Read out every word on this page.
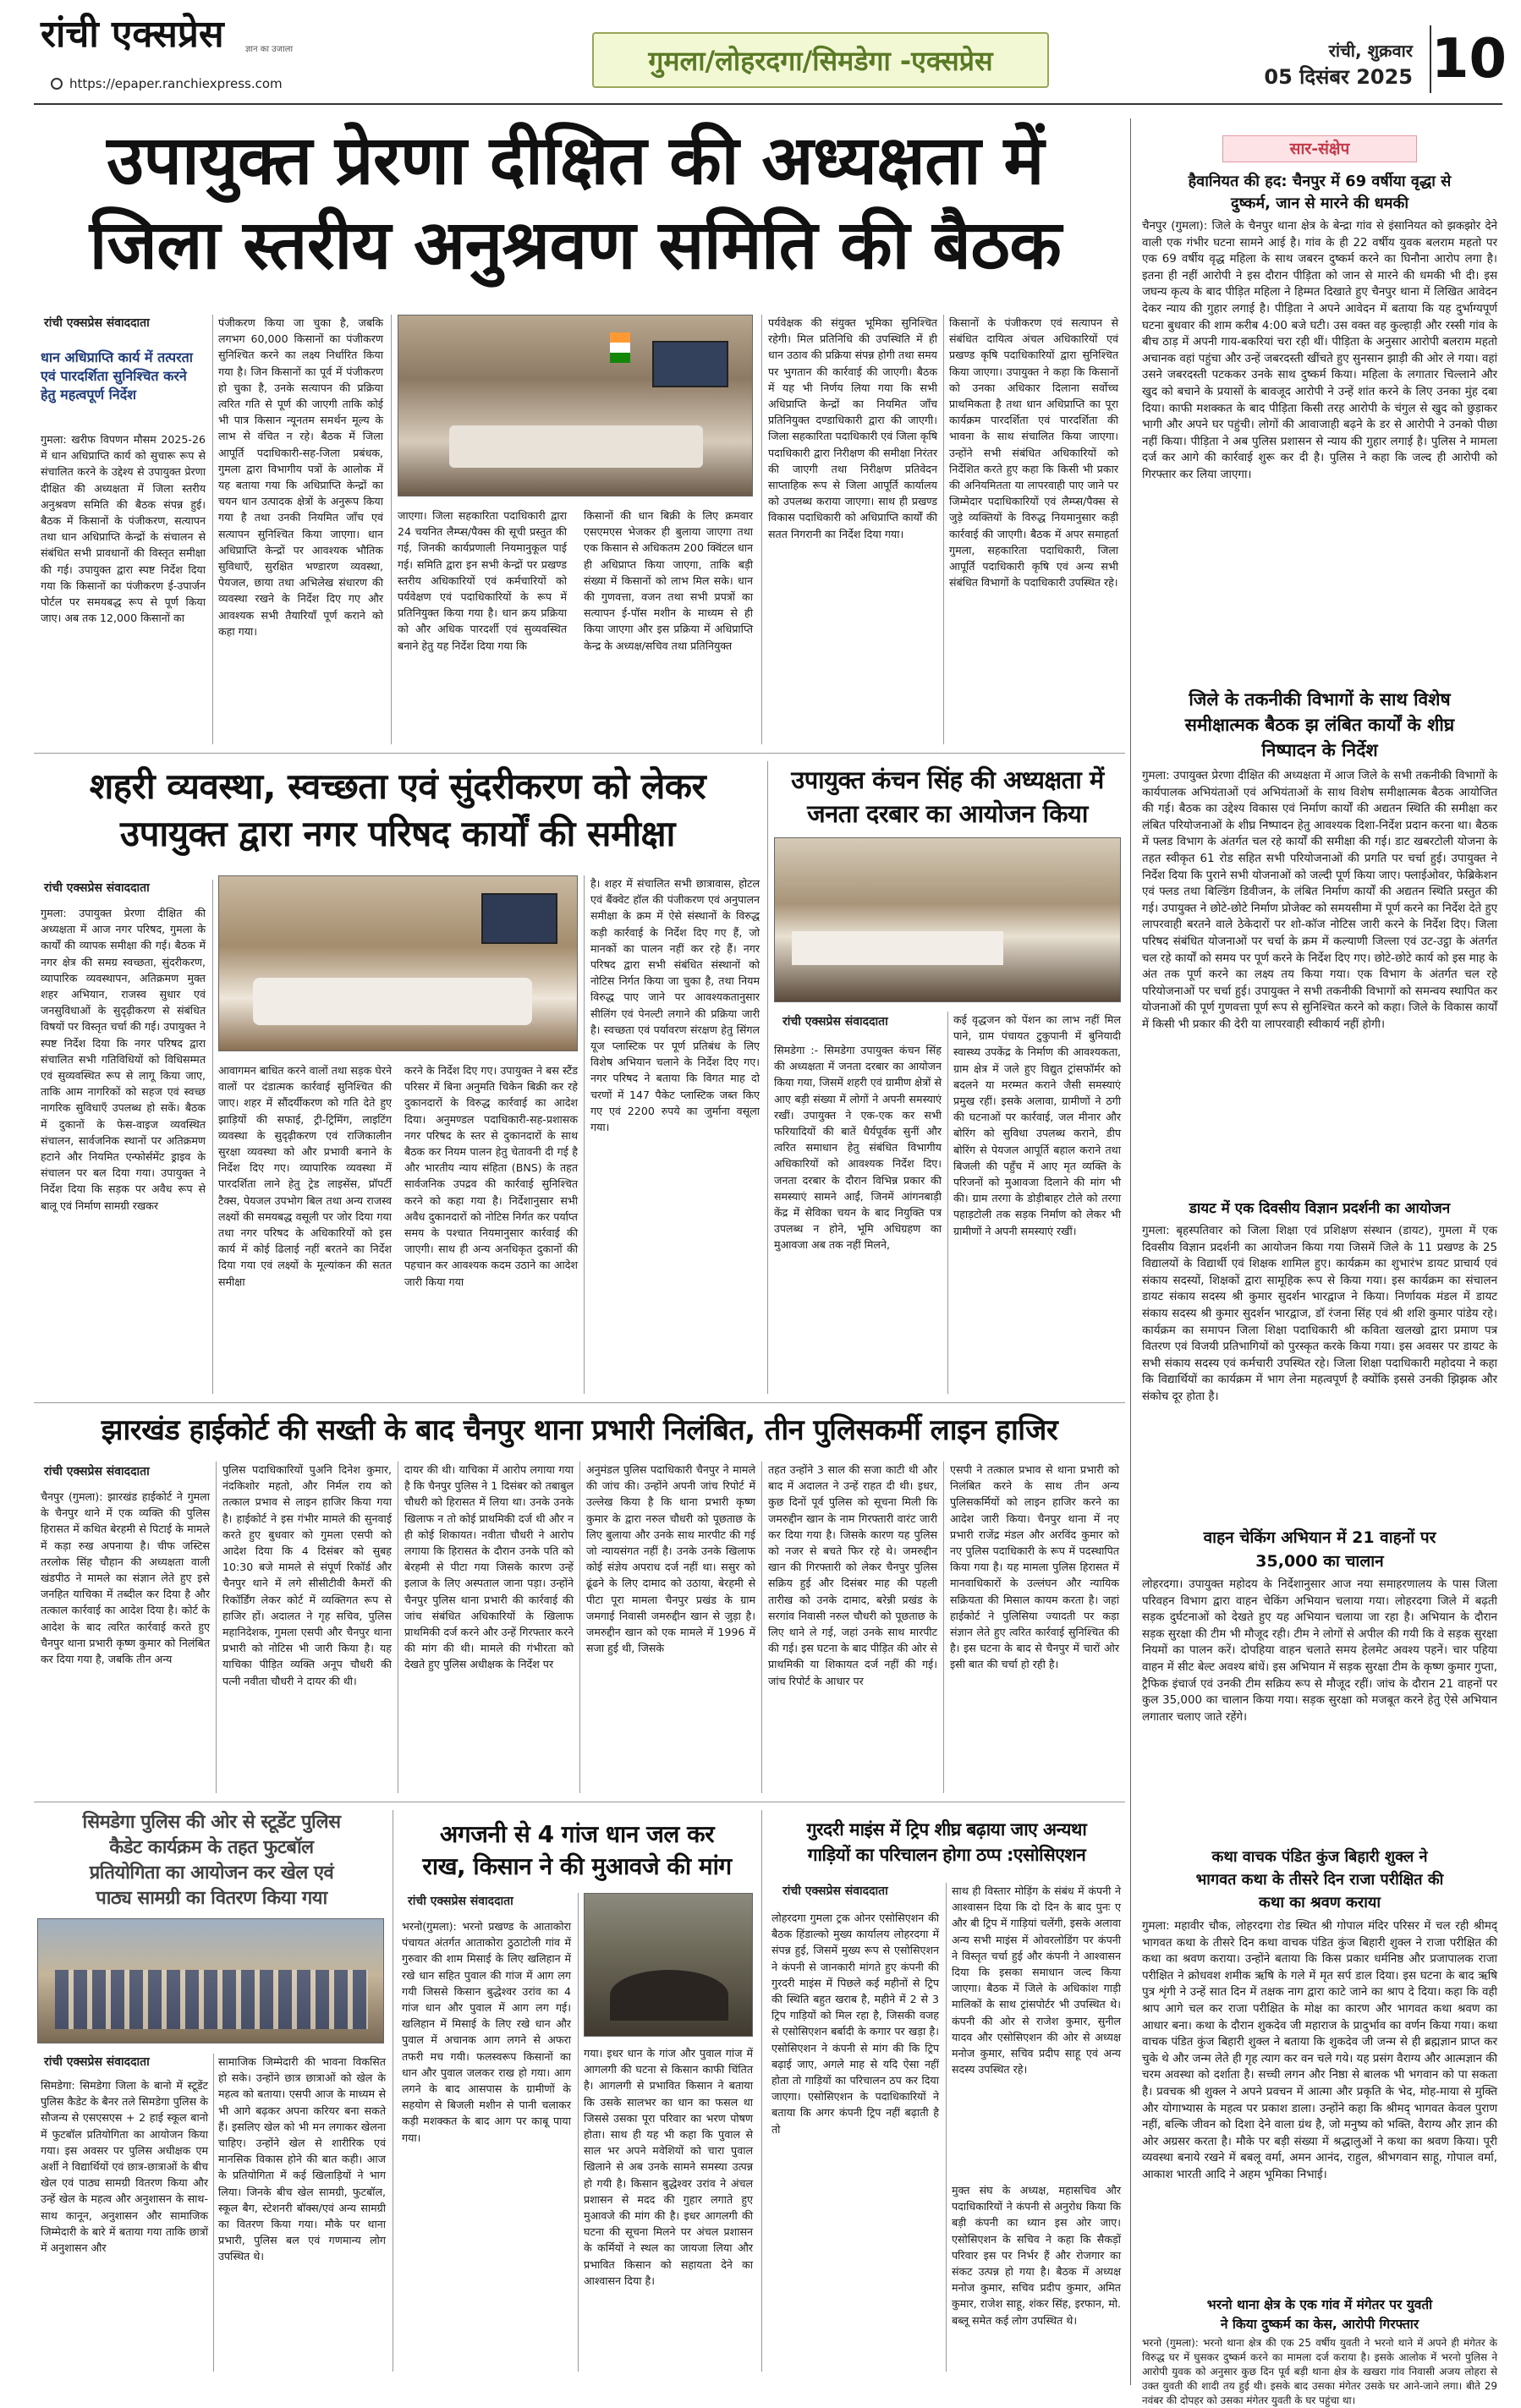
रांची एक्सप्रेस	ज्ञान का उजाला
https://epaper.ranchiexpress.com
गुमला/लोहरदगा/सिमडेगा -एक्सप्रेस	रांची, शुक्रवार
05 दिसंबर 2025 10
उपायुक्त प्रेरणा दीक्षित की अध्यक्षता में
जिला स्तरीय अनुश्रवण समिति की बैठक
रांची एक्सप्रेस संवाददाता
धान अधिप्राप्ति कार्य में तत्परता एवं पारदर्शिता सुनिश्चित करने हेतु महत्वपूर्ण निर्देश
गुमला: खरीफ विपणन मौसम 2025-26 में धान अधिप्राप्ति कार्य को सुचारू रूप से संचालित करने के उद्देश्य से उपायुक्त प्रेरणा दीक्षित की अध्यक्षता में जिला स्तरीय अनुश्रवण समिति की बैठक संपन्न हुई। बैठक में किसानों के पंजीकरण, सत्यापन तथा धान अधिप्राप्ति केन्द्रों के संचालन से संबंधित सभी प्रावधानों की विस्तृत समीक्षा की गई। उपायुक्त द्वारा स्पष्ट निर्देश दिया गया कि किसानों का पंजीकरण ई-उपार्जन पोर्टल पर समयबद्ध रूप से पूर्ण किया जाए। अब तक 12,000 किसानों का
पंजीकरण किया जा चुका है, जबकि लगभग 60,000 किसानों का पंजीकरण सुनिश्चित करने का लक्ष्य निर्धारित किया गया है। जिन किसानों का पूर्व में पंजीकरण हो चुका है, उनके सत्यापन की प्रक्रिया त्वरित गति से पूर्ण की जाएगी ताकि कोई भी पात्र किसान न्यूनतम समर्थन मूल्य के लाभ से वंचित न रहे। बैठक में जिला आपूर्ति पदाधिकारी-सह-जिला प्रबंधक, गुमला द्वारा विभागीय पत्रों के आलोक में यह बताया गया कि अधिप्राप्ति केन्द्रों का चयन धान उत्पादक क्षेत्रों के अनुरूप किया गया है तथा उनकी नियमित जाँच एवं सत्यापन सुनिश्चित किया जाएगा। धान अधिप्राप्ति केन्द्रों पर आवश्यक भौतिक सुविधाएँ, सुरक्षित भण्डारण व्यवस्था, पेयजल, छाया तथा अभिलेख संधारण की व्यवस्था रखने के निर्देश दिए गए और आवश्यक सभी तैयारियाँ पूर्ण कराने को कहा गया।
जाएगा। जिला सहकारिता पदाधिकारी द्वारा 24 चयनित लैम्प्स/पैक्स की सूची प्रस्तुत की गई, जिनकी कार्यप्रणाली नियमानुकूल पाई गई। समिति द्वारा इन सभी केन्द्रों पर प्रखण्ड स्तरीय अधिकारियों एवं कर्मचारियों को पर्यवेक्षण एवं पदाधिकारियों के रूप में प्रतिनियुक्त किया गया है। धान क्रय प्रक्रिया को और अधिक पारदर्शी एवं सुव्यवस्थित बनाने हेतु यह निर्देश दिया गया कि
किसानों की धान बिक्री के लिए क्रमवार एसएमएस भेजकर ही बुलाया जाएगा तथा एक किसान से अधिकतम 200 क्विंटल धान ही अधिप्राप्त किया जाएगा, ताकि बड़ी संख्या में किसानों को लाभ मिल सके। धान की गुणवत्ता, वजन तथा सभी प्रपत्रों का सत्यापन ई-पॉस मशीन के माध्यम से ही किया जाएगा और इस प्रक्रिया में अधिप्राप्ति केन्द्र के अध्यक्ष/सचिव तथा प्रतिनियुक्त
पर्यवेक्षक की संयुक्त भूमिका सुनिश्चित रहेगी। मिल प्रतिनिधि की उपस्थिति में ही धान उठाव की प्रक्रिया संपन्न होगी तथा समय पर भुगतान की कार्रवाई की जाएगी। बैठक में यह भी निर्णय लिया गया कि सभी अधिप्राप्ति केन्द्रों का नियमित जाँच प्रतिनियुक्त दण्डाधिकारी द्वारा की जाएगी। जिला सहकारिता पदाधिकारी एवं जिला कृषि पदाधिकारी द्वारा निरीक्षण की समीक्षा निरंतर की जाएगी तथा निरीक्षण प्रतिवेदन साप्ताहिक रूप से जिला आपूर्ति कार्यालय को उपलब्ध कराया जाएगा। साथ ही प्रखण्ड विकास पदाधिकारी को अधिप्राप्ति कार्यों की सतत निगरानी का निर्देश दिया गया।
किसानों के पंजीकरण एवं सत्यापन से संबंधित दायित्व अंचल अधिकारियों एवं प्रखण्ड कृषि पदाधिकारियों द्वारा सुनिश्चित किया जाएगा। उपायुक्त ने कहा कि किसानों को उनका अधिकार दिलाना सर्वोच्च प्राथमिकता है तथा धान अधिप्राप्ति का पूरा कार्यक्रम पारदर्शिता एवं पारदर्शिता की भावना के साथ संचालित किया जाएगा। उन्होंने सभी संबंधित अधिकारियों को निर्देशित करते हुए कहा कि किसी भी प्रकार की अनियमितता या लापरवाही पाए जाने पर जिम्मेदार पदाधिकारियों एवं लैम्प्स/पैक्स से जुड़े व्यक्तियों के विरुद्ध नियमानुसार कड़ी कार्रवाई की जाएगी। बैठक में अपर समाहर्ता गुमला, सहकारिता पदाधिकारी, जिला आपूर्ति पदाधिकारी कृषि एवं अन्य सभी संबंधित विभागों के पदाधिकारी उपस्थित रहे।
शहरी व्यवस्था, स्वच्छता एवं सुंदरीकरण को लेकर
उपायुक्त द्वारा नगर परिषद कार्यों की समीक्षा
रांची एक्सप्रेस संवाददाता
गुमला: उपायुक्त प्रेरणा दीक्षित की अध्यक्षता में आज नगर परिषद, गुमला के कार्यों की व्यापक समीक्षा की गई। बैठक में नगर क्षेत्र की समग्र स्वच्छता, सुंदरीकरण, व्यापारिक व्यवस्थापन, अतिक्रमण मुक्त शहर अभियान, राजस्व सुधार एवं जनसुविधाओं के सुदृढ़ीकरण से संबंधित विषयों पर विस्तृत चर्चा की गई। उपायुक्त ने स्पष्ट निर्देश दिया कि नगर परिषद द्वारा संचालित सभी गतिविधियों को विधिसम्मत एवं सुव्यवस्थित रूप से लागू किया जाए, ताकि आम नागरिकों को सहज एवं स्वच्छ नागरिक सुविधाएँ उपलब्ध हो सकें। बैठक में दुकानों के फेस-वाइज व्यवस्थित संचालन, सार्वजनिक स्थानों पर अतिक्रमण हटाने और नियमित एन्फोर्समेंट ड्राइव के संचालन पर बल दिया गया। उपायुक्त ने निर्देश दिया कि सड़क पर अवैध रूप से बालू एवं निर्माण सामग्री रखकर
आवागमन बाधित करने वालों तथा सड़क घेरने वालों पर दंडात्मक कार्रवाई सुनिश्चित की जाए। शहर में सौंदर्यीकरण को गति देते हुए झाड़ियों की सफाई, ट्री-ट्रिमिंग, लाइटिंग व्यवस्था के सुदृढ़ीकरण एवं राजिकालीन सुरक्षा व्यवस्था को और प्रभावी बनाने के निर्देश दिए गए। व्यापारिक व्यवस्था में पारदर्शिता लाने हेतु ट्रेड लाइसेंस, प्रॉपर्टी टैक्स, पेयजल उपभोग बिल तथा अन्य राजस्व लक्ष्यों की समयबद्ध वसूली पर जोर दिया गया तथा नगर परिषद के अधिकारियों को इस कार्य में कोई ढिलाई नहीं बरतने का निर्देश दिया गया एवं लक्ष्यों के मूल्यांकन की सतत समीक्षा
करने के निर्देश दिए गए। उपायुक्त ने बस स्टैंड परिसर में बिना अनुमति चिकेन बिक्री कर रहे दुकानदारों के विरुद्ध कार्रवाई का आदेश दिया। अनुमण्डल पदाधिकारी-सह-प्रशासक नगर परिषद के स्तर से दुकानदारों के साथ बैठक कर नियम पालन हेतु चेतावनी दी गई है और भारतीय न्याय संहिता (BNS) के तहत सार्वजनिक उपद्रव की कार्रवाई सुनिश्चित करने को कहा गया है। निर्देशानुसार सभी अवैध दुकानदारों को नोटिस निर्गत कर पर्याप्त समय के पश्चात नियमानुसार कार्रवाई की जाएगी। साथ ही अन्य अनधिकृत दुकानों की पहचान कर आवश्यक कदम उठाने का आदेश जारी किया गया
है। शहर में संचालित सभी छात्रावास, होटल एवं बैंक्वेट हॉल की पंजीकरण एवं अनुपालन समीक्षा के क्रम में ऐसे संस्थानों के विरुद्ध कड़ी कार्रवाई के निर्देश दिए गए हैं, जो मानकों का पालन नहीं कर रहे हैं। नगर परिषद द्वारा सभी संबंधित संस्थानों को नोटिस निर्गत किया जा चुका है, तथा नियम विरुद्ध पाए जाने पर आवश्यकतानुसार सीलिंग एवं पेनल्टी लगाने की प्रक्रिया जारी है। स्वच्छता एवं पर्यावरण संरक्षण हेतु सिंगल यूज प्लास्टिक पर पूर्ण प्रतिबंध के लिए विशेष अभियान चलाने के निर्देश दिए गए। नगर परिषद ने बताया कि विगत माह दो चरणों में 147 पैकेट प्लास्टिक जब्त किए गए एवं 2200 रुपये का जुर्माना वसूला गया।
उपायुक्त कंचन सिंह की अध्यक्षता में
जनता दरबार का आयोजन किया
रांची एक्सप्रेस संवाददाता
सिमडेगा :- सिमडेगा उपायुक्त कंचन सिंह की अध्यक्षता में जनता दरबार का आयोजन किया गया, जिसमें शहरी एवं ग्रामीण क्षेत्रों से आए बड़ी संख्या में लोगों ने अपनी समस्याएं रखीं। उपायुक्त ने एक-एक कर सभी फरियादियों की बातें धैर्यपूर्वक सुनीं और त्वरित समाधान हेतु संबंधित विभागीय अधिकारियों को आवश्यक निर्देश दिए। जनता दरबार के दौरान विभिन्न प्रकार की समस्याएं सामने आईं, जिनमें आंगनबाड़ी केंद्र में सेविका चयन के बाद नियुक्ति पत्र उपलब्ध न होने, भूमि अधिग्रहण का मुआवजा अब तक नहीं मिलने,
कई वृद्धजन को पेंशन का लाभ नहीं मिल पाने, ग्राम पंचायत टुकुपानी में बुनियादी स्वास्थ्य उपकेंद्र के निर्माण की आवश्यकता, ग्राम क्षेत्र में जले हुए विद्युत ट्रांसफॉर्मर को बदलने या मरम्मत कराने जैसी समस्याएं प्रमुख रहीं। इसके अलावा, ग्रामीणों ने ठगी की घटनाओं पर कार्रवाई, जल मीनार और बोरिंग को सुविधा उपलब्ध कराने, डीप बोरिंग से पेयजल आपूर्ति बहाल कराने तथा बिजली की पहुँच में आए मृत व्यक्ति के परिजनों को मुआवजा दिलाने की मांग भी की। ग्राम तरगा के डोड़ीबाहर टोले को तरगा पहाड़टोली तक सड़क निर्माण को लेकर भी ग्रामीणों ने अपनी समस्याएं रखीं।
झारखंड हाईकोर्ट की सख्ती के बाद चैनपुर थाना प्रभारी निलंबित, तीन पुलिसकर्मी लाइन हाजिर
रांची एक्सप्रेस संवाददाता
चैनपुर (गुमला): झारखंड हाईकोर्ट ने गुमला के चैनपुर थाने में एक व्यक्ति की पुलिस हिरासत में कथित बेरहमी से पिटाई के मामले में कड़ा रुख अपनाया है। चीफ जस्टिस तरलोक सिंह चौहान की अध्यक्षता वाली खंडपीठ ने मामले का संज्ञान लेते हुए इसे जनहित याचिका में तब्दील कर दिया है और तत्काल कार्रवाई का आदेश दिया है। कोर्ट के आदेश के बाद त्वरित कार्रवाई करते हुए चैनपुर थाना प्रभारी कृष्ण कुमार को निलंबित कर दिया गया है, जबकि तीन अन्य
पुलिस पदाधिकारियों पुअनि दिनेश कुमार, नंदकिशोर महतो, और निर्मल राय को तत्काल प्रभाव से लाइन हाजिर किया गया है। हाईकोर्ट ने इस गंभीर मामले की सुनवाई करते हुए बुधवार को गुमला एसपी को आदेश दिया कि 4 दिसंबर को सुबह 10:30 बजे मामले से संपूर्ण रिकॉर्ड और चैनपुर थाने में लगे सीसीटीवी कैमरों की रिकॉर्डिंग लेकर कोर्ट में व्यक्तिगत रूप से हाजिर हों। अदालत ने गृह सचिव, पुलिस महानिदेशक, गुमला एसपी और चैनपुर थाना प्रभारी को नोटिस भी जारी किया है। यह याचिका पीड़ित व्यक्ति अनूप चौधरी की पत्नी नवीता चौधरी ने दायर की थी।
दायर की थी। याचिका में आरोप लगाया गया है कि चैनपुर पुलिस ने 1 दिसंबर को तबाबुल चौधरी को हिरासत में लिया था। उनके उनके खिलाफ न तो कोई प्राथमिकी दर्ज थी और न ही कोई शिकायत। नवीता चौधरी ने आरोप लगाया कि हिरासत के दौरान उनके पति को बेरहमी से पीटा गया जिसके कारण उन्हें इलाज के लिए अस्पताल जाना पड़ा। उन्होंने चैनपुर पुलिस थाना प्रभारी की कार्रवाई की जांच संबंधित अधिकारियों के खिलाफ प्राथमिकी दर्ज करने और उन्हें गिरफ्तार करने की मांग की थी। मामले की गंभीरता को देखते हुए पुलिस अधीक्षक के निर्देश पर
अनुमंडल पुलिस पदाधिकारी चैनपुर ने मामले की जांच की। उन्होंने अपनी जांच रिपोर्ट में उल्लेख किया है कि थाना प्रभारी कृष्ण कुमार के द्वारा नरुल चौधरी को पूछताछ के लिए बुलाया और उनके साथ मारपीट की गई जो न्यायसंगत नहीं है। उनके उनके खिलाफ कोई संज्ञेय अपराध दर्ज नहीं था। ससुर को ढूंढने के लिए दामाद को उठाया, बेरहमी से पीटा पूरा मामला चैनपुर प्रखंड के ग्राम जमगाई निवासी जमरुद्दीन खान से जुड़ा है। जमरुद्दीन खान को एक मामले में 1996 में सजा हुई थी, जिसके
तहत उन्होंने 3 साल की सजा काटी थी और बाद में अदालत ने उन्हें राहत दी थी। इधर, कुछ दिनों पूर्व पुलिस को सूचना मिली कि जमरुद्दीन खान के नाम गिरफ्तारी वारंट जारी कर दिया गया है। जिसके कारण यह पुलिस को नजर से बचते फिर रहे थे। जमरुद्दीन खान की गिरफ्तारी को लेकर चैनपुर पुलिस सक्रिय हुई और दिसंबर माह की पहली तारीख को उनके दामाद, बरेन्नी प्रखंड के सरगांव निवासी नरुल चौधरी को पूछताछ के लिए थाने ले गई, जहां उनके साथ मारपीट की गई। इस घटना के बाद पीड़ित की ओर से प्राथमिकी या शिकायत दर्ज नहीं की गई। जांच रिपोर्ट के आधार पर
एसपी ने तत्काल प्रभाव से थाना प्रभारी को निलंबित करने के साथ तीन अन्य पुलिसकर्मियों को लाइन हाजिर करने का आदेश जारी किया। चैनपुर थाना में नए प्रभारी राजेंद्र मंडल और अरविंद कुमार को नए पुलिस पदाधिकारी के रूप में पदस्थापित किया गया है। यह मामला पुलिस हिरासत में मानवाधिकारों के उल्लंघन और न्यायिक सक्रियता की मिसाल कायम करता है। जहां हाईकोर्ट ने पुलिसिया ज्यादती पर कड़ा संज्ञान लेते हुए त्वरित कार्रवाई सुनिश्चित की है। इस घटना के बाद से चैनपुर में चारों ओर इसी बात की चर्चा हो रही है।
सिमडेगा पुलिस की ओर से स्टूडेंट पुलिस
कैडेट कार्यक्रम के तहत फुटबॉल
प्रतियोगिता का आयोजन कर खेल एवं
पाठ्य सामग्री का वितरण किया गया
रांची एक्सप्रेस संवाददाता
सिमडेगा: सिमडेगा जिला के बानो में स्टूडेंट पुलिस कैडेट के बैनर तले सिमडेगा पुलिस के सौजन्य से एसएसएस + 2 हाई स्कूल बानो में फुटबॉल प्रतियोगिता का आयोजन किया गया। इस अवसर पर पुलिस अधीक्षक एम अर्शी ने विद्यार्थियों एवं छात्र-छात्राओं के बीच खेल एवं पाठ्य सामग्री वितरण किया और उन्हें खेल के महत्व और अनुशासन के साथ-साथ कानून, अनुशासन और सामाजिक जिम्मेदारी के बारे में बताया गया ताकि छात्रों में अनुशासन और
सामाजिक जिम्मेदारी की भावना विकसित हो सके। उन्होंने छात्र छात्राओं को खेल के महत्व को बताया। एसपी आज के माध्यम से भी आगे बढ़कर अपना करियर बना सकते हैं। इसलिए खेल को भी मन लगाकर खेलना चाहिए। उन्होंने खेल से शारीरिक एवं मानसिक विकास होने की बात कही। आज के प्रतियोगिता में कई खिलाड़ियों ने भाग लिया। जिनके बीच खेल सामग्री, फुटबॉल, स्कूल बैग, स्टेशनरी बॉक्स/एवं अन्य सामग्री का वितरण किया गया। मौके पर थाना प्रभारी, पुलिस बल एवं गणमान्य लोग उपस्थित थे।
अगजनी से 4 गांज धान जल कर
राख, किसान ने की मुआवजे की मांग
रांची एक्सप्रेस संवाददाता
भरनो(गुमला): भरनो प्रखण्ड के आताकोरा पंचायत अंतर्गत आताकोरा ठुठाटोली गांव में गुरुवार की शाम मिसाई के लिए खलिहान में रखे धान सहित पुवाल की गांज में आग लग गयी जिससे किसान बुद्धेश्वर उरांव का 4 गांज धान और पुवाल में आग लग गई। खलिहान में मिसाई के लिए रखे धान और पुवाल में अचानक आग लगने से अफरा तफरी मच गयी। फलस्वरूप किसानों का धान और पुवाल जलकर राख हो गया। आग लगने के बाद आसपास के ग्रामीणों के सहयोग से बिजली मशीन से पानी चलाकर कड़ी मशक्कत के बाद आग पर काबू पाया गया।
गया। इधर धान के गांज और पुवाल गांज में आगलगी की घटना से किसान काफी चिंतित है। आगलगी से प्रभावित किसान ने बताया कि उसके सालभर का धान का फसल था जिससे उसका पूरा परिवार का भरण पोषण होता। साथ ही यह भी कहा कि पुवाल से साल भर अपने मवेशियों को चारा पुवाल खिलाने से अब उनके सामने समस्या उत्पन्न हो गयी है। किसान बुद्धेश्वर उरांव ने अंचल प्रशासन से मदद की गुहार लगाते हुए मुआवजे की मांग की है। इधर आगलगी की घटना की सूचना मिलने पर अंचल प्रशासन के कर्मियों ने स्थल का जायजा लिया और प्रभावित किसान को सहायता देने का आश्वासन दिया है।
गुरदरी माइंस में ट्रिप शीघ्र बढ़ाया जाए अन्यथा
गाड़ियों का परिचालन होगा ठप्प :एसोसिएशन
रांची एक्सप्रेस संवाददाता
लोहरदगा गुमला ट्रक ओनर एसोसिएशन की बैठक हिंडाल्को मुख्य कार्यालय लोहरदगा में संपन्न हुई, जिसमें मुख्य रूप से एसोसिएशन ने कंपनी से जानकारी मांगते हुए कंपनी की गुरदरी माइंस में पिछले कई महीनों से ट्रिप की स्थिति बहुत खराब है, महीने में 2 से 3 ट्रिप गाड़ियों को मिल रहा है, जिसकी वजह से एसोसिएशन बर्बादी के कगार पर खड़ा है। एसोसिएशन ने कंपनी से मांग की कि ट्रिप बढ़ाई जाए, अगले माह से यदि ऐसा नहीं होता तो गाड़ियों का परिचालन ठप कर दिया जाएगा। एसोसिएशन के पदाधिकारियों ने बताया कि अगर कंपनी ट्रिप नहीं बढ़ाती है तो
साथ ही विस्तार मोड़िंग के संबंध में कंपनी ने आश्वासन दिया कि दो दिन के बाद पुनः ए और बी ट्रिप में गाड़ियां चलेंगी, इसके अलावा अन्य सभी माइंस में ओवरलोडिंग पर कंपनी ने विस्तृत चर्चा हुई और कंपनी ने आश्वासन दिया कि इसका समाधान जल्द किया जाएगा। बैठक में जिले के अधिकांश गाड़ी मालिकों के साथ ट्रांसपोर्टर भी उपस्थित थे। कंपनी की ओर से राजेश कुमार, सुनील यादव और एसोसिएशन की ओर से अध्यक्ष मनोज कुमार, सचिव प्रदीप साहू एवं अन्य सदस्य उपस्थित रहे।
मुक्त संघ के अध्यक्ष, महासचिव और पदाधिकारियों ने कंपनी से अनुरोध किया कि बड़ी कंपनी का ध्यान इस ओर जाए। एसोसिएशन के सचिव ने कहा कि सैकड़ों परिवार इस पर निर्भर हैं और रोजगार का संकट उत्पन्न हो गया है। बैठक में अध्यक्ष मनोज कुमार, सचिव प्रदीप कुमार, अमित कुमार, राजेश साहू, शंकर सिंह, इरफान, मो. बब्लू समेत कई लोग उपस्थित थे।
सार-संक्षेप
हैवानियत की हद: चैनपुर में 69 वर्षीया वृद्धा से
दुष्कर्म, जान से मारने की धमकी
चैनपुर (गुमला): जिले के चैनपुर थाना क्षेत्र के बेन्द्रा गांव से इंसानियत को झकझोर देने वाली एक गंभीर घटना सामने आई है। गांव के ही 22 वर्षीय युवक बलराम महतो पर एक 69 वर्षीय वृद्ध महिला के साथ जबरन दुष्कर्म करने का घिनौना आरोप लगा है। इतना ही नहीं आरोपी ने इस दौरान पीड़िता को जान से मारने की धमकी भी दी। इस जघन्य कृत्य के बाद पीड़ित महिला ने हिम्मत दिखाते हुए चैनपुर थाना में लिखित आवेदन देकर न्याय की गुहार लगाई है। पीड़िता ने अपने आवेदन में बताया कि यह दुर्भाग्यपूर्ण घटना बुधवार की शाम करीब 4:00 बजे घटी। उस वक्त वह कुल्हाड़ी और रस्सी गांव के बीच ठाड़ में अपनी गाय-बकरियां चरा रही थीं। पीड़िता के अनुसार आरोपी बलराम महतो अचानक वहां पहुंचा और उन्हें जबरदस्ती खींचते हुए सुनसान झाड़ी की ओर ले गया। वहां उसने जबरदस्ती पटककर उनके साथ दुष्कर्म किया। महिला के लगातार चिल्लाने और खुद को बचाने के प्रयासों के बावजूद आरोपी ने उन्हें शांत करने के लिए उनका मुंह दबा दिया। काफी मशक्कत के बाद पीड़िता किसी तरह आरोपी के चंगुल से खुद को छुड़ाकर भागी और अपने घर पहुंची। लोगों की आवाजाही बढ़ने के डर से आरोपी ने उनको पीछा नहीं किया। पीड़िता ने अब पुलिस प्रशासन से न्याय की गुहार लगाई है। पुलिस ने मामला दर्ज कर आगे की कार्रवाई शुरू कर दी है। पुलिस ने कहा कि जल्द ही आरोपी को गिरफ्तार कर लिया जाएगा।
जिले के तकनीकी विभागों के साथ विशेष
समीक्षात्मक बैठक झ लंबित कार्यों के शीघ्र
निष्पादन के निर्देश
गुमला: उपायुक्त प्रेरणा दीक्षित की अध्यक्षता में आज जिले के सभी तकनीकी विभागों के कार्यपालक अभियंताओं एवं अभियंताओं के साथ विशेष समीक्षात्मक बैठक आयोजित की गई। बैठक का उद्देश्य विकास एवं निर्माण कार्यों की अद्यतन स्थिति की समीक्षा कर लंबित परियोजनाओं के शीघ्र निष्पादन हेतु आवश्यक दिशा-निर्देश प्रदान करना था। बैठक में फ्लड विभाग के अंतर्गत चल रहे कार्यों की समीक्षा की गई। डाट खबरटोली योजना के तहत स्वीकृत 61 रोड सहित सभी परियोजनाओं की प्रगति पर चर्चा हुई। उपायुक्त ने निर्देश दिया कि पुराने सभी योजनाओं को जल्दी पूर्ण किया जाए। फ्लाईओवर, फेब्रिकेशन एवं फ्लड तथा बिल्डिंग डिवीजन, के लंबित निर्माण कार्यों की अद्यतन स्थिति प्रस्तुत की गई। उपायुक्त ने छोटे-छोटे निर्माण प्रोजेक्ट को समयसीमा में पूर्ण करने का निर्देश देते हुए लापरवाही बरतने वाले ठेकेदारों पर शो-कॉज नोटिस जारी करने के निर्देश दिए। जिला परिषद संबंधित योजनाओं पर चर्चा के क्रम में कल्याणी जिल्ला एवं उट-उट्ठा के अंतर्गत चल रहे कार्यों को समय पर पूर्ण करने के निर्देश दिए गए। छोटे-छोटे कार्य को इस माह के अंत तक पूर्ण करने का लक्ष्य तय किया गया। एक विभाग के अंतर्गत चल रहे परियोजनाओं पर चर्चा हुई। उपायुक्त ने सभी तकनीकी विभागों को समन्वय स्थापित कर योजनाओं की पूर्ण गुणवत्ता पूर्ण रूप से सुनिश्चित करने को कहा। जिले के विकास कार्यों में किसी भी प्रकार की देरी या लापरवाही स्वीकार्य नहीं होगी।
डायट में एक दिवसीय विज्ञान प्रदर्शनी का आयोजन
गुमला: बृहस्पतिवार को जिला शिक्षा एवं प्रशिक्षण संस्थान (डायट), गुमला में एक दिवसीय विज्ञान प्रदर्शनी का आयोजन किया गया जिसमें जिले के 11 प्रखण्ड के 25 विद्यालयों के विद्यार्थी एवं शिक्षक शामिल हुए। कार्यक्रम का शुभारंभ डायट प्राचार्य एवं संकाय सदस्यों, शिक्षकों द्वारा सामूहिक रूप से किया गया। इस कार्यक्रम का संचालन डायट संकाय सदस्य श्री कुमार सुदर्शन भारद्वाज ने किया। निर्णायक मंडल में डायट संकाय सदस्य श्री कुमार सुदर्शन भारद्वाज, डॉ रंजना सिंह एवं श्री शशि कुमार पांडेय रहे। कार्यक्रम का समापन जिला शिक्षा पदाधिकारी श्री कविता खलखो द्वारा प्रमाण पत्र वितरण एवं विजयी प्रतिभागियों को पुरस्कृत करके किया गया। इस अवसर पर डायट के सभी संकाय सदस्य एवं कर्मचारी उपस्थित रहे। जिला शिक्षा पदाधिकारी महोदया ने कहा कि विद्यार्थियों का कार्यक्रम में भाग लेना महत्वपूर्ण है क्योंकि इससे उनकी झिझक और संकोच दूर होता है।
वाहन चेकिंग अभियान में 21 वाहनों पर
35,000 का चालान
लोहरदगा। उपायुक्त महोदय के निर्देशानुसार आज नया समाहरणालय के पास जिला परिवहन विभाग द्वारा वाहन चेकिंग अभियान चलाया गया। लोहरदगा जिले में बढ़ती सड़क दुर्घटनाओं को देखते हुए यह अभियान चलाया जा रहा है। अभियान के दौरान सड़क सुरक्षा की टीम भी मौजूद रही। टीम ने लोगों से अपील की गयी कि वे सड़क सुरक्षा नियमों का पालन करें। दोपहिया वाहन चलाते समय हेलमेट अवश्य पहनें। चार पहिया वाहन में सीट बेल्ट अवश्य बांधें। इस अभियान में सड़क सुरक्षा टीम के कृष्ण कुमार गुप्ता, ट्रैफिक इंचार्ज एवं उनकी टीम सक्रिय रूप से मौजूद रहीं। जांच के दौरान 21 वाहनों पर कुल 35,000 का चालान किया गया। सड़क सुरक्षा को मजबूत करने हेतु ऐसे अभियान लगातार चलाए जाते रहेंगे।
कथा वाचक पंडित कुंज बिहारी शुक्ल ने
भागवत कथा के तीसरे दिन राजा परीक्षित की
कथा का श्रवण कराया
गुमला: महावीर चौक, लोहरदगा रोड स्थित श्री गोपाल मंदिर परिसर में चल रही श्रीमद् भागवत कथा के तीसरे दिन कथा वाचक पंडित कुंज बिहारी शुक्ल ने राजा परीक्षित की कथा का श्रवण कराया। उन्होंने बताया कि किस प्रकार धर्मनिष्ठ और प्रजापालक राजा परीक्षित ने क्रोधवश शमीक ऋषि के गले में मृत सर्प डाल दिया। इस घटना के बाद ऋषि पुत्र शृंगी ने उन्हें सात दिन में तक्षक नाग द्वारा काटे जाने का श्राप दे दिया। कहा कि वही श्राप आगे चल कर राजा परीक्षित के मोक्ष का कारण और भागवत कथा श्रवण का आधार बना। कथा के दौरान शुकदेव जी महाराज के प्रादुर्भाव का वर्णन किया गया। कथा वाचक पंडित कुंज बिहारी शुक्ल ने बताया कि शुकदेव जी जन्म से ही ब्रह्मज्ञान प्राप्त कर चुके थे और जन्म लेते ही गृह त्याग कर वन चले गये। यह प्रसंग वैराग्य और आत्मज्ञान की चरम अवस्था को दर्शाता है। सच्ची लगन और निष्ठा से बालक भी भगवान को पा सकता है। प्रवचक श्री शुक्ल ने अपने प्रवचन में आत्मा और प्रकृति के भेद, मोह-माया से मुक्ति और योगाभ्यास के महत्व पर प्रकाश डाला। उन्होंने कहा कि श्रीमद् भागवत केवल पुराण नहीं, बल्कि जीवन को दिशा देने वाला ग्रंथ है, जो मनुष्य को भक्ति, वैराग्य और ज्ञान की ओर अग्रसर करता है। मौके पर बड़ी संख्या में श्रद्धालुओं ने कथा का श्रवण किया। पूरी व्यवस्था बनाये रखने में बबलू वर्मा, अमन आनंद, राहुल, श्रीभगवान साहू, गोपाल वर्मा, आकाश भारती आदि ने अहम भूमिका निभाई।
भरनो थाना क्षेत्र के एक गांव में मंगेतर पर युवती
ने किया दुष्कर्म का केस, आरोपी गिरफ्तार
भरनो (गुमला): भरनो थाना क्षेत्र की एक 25 वर्षीय युवती ने भरनो थाने में अपने ही मंगेतर के विरुद्ध घर में घुसकर दुष्कर्म करने का मामला दर्ज कराया है। इसके आलोक में भरनो पुलिस ने आरोपी युवक को अनुसार कुछ दिन पूर्व बड़ी थाना क्षेत्र के खखरा गांव निवासी अजय लोहरा से उक्त युवती की शादी तय हुई थी। इसके बाद उसका मंगेतर उसके घर आने-जाने लगा। बीते 29 नवंबर की दोपहर को उसका मंगेतर युवती के घर पहुंचा था।
